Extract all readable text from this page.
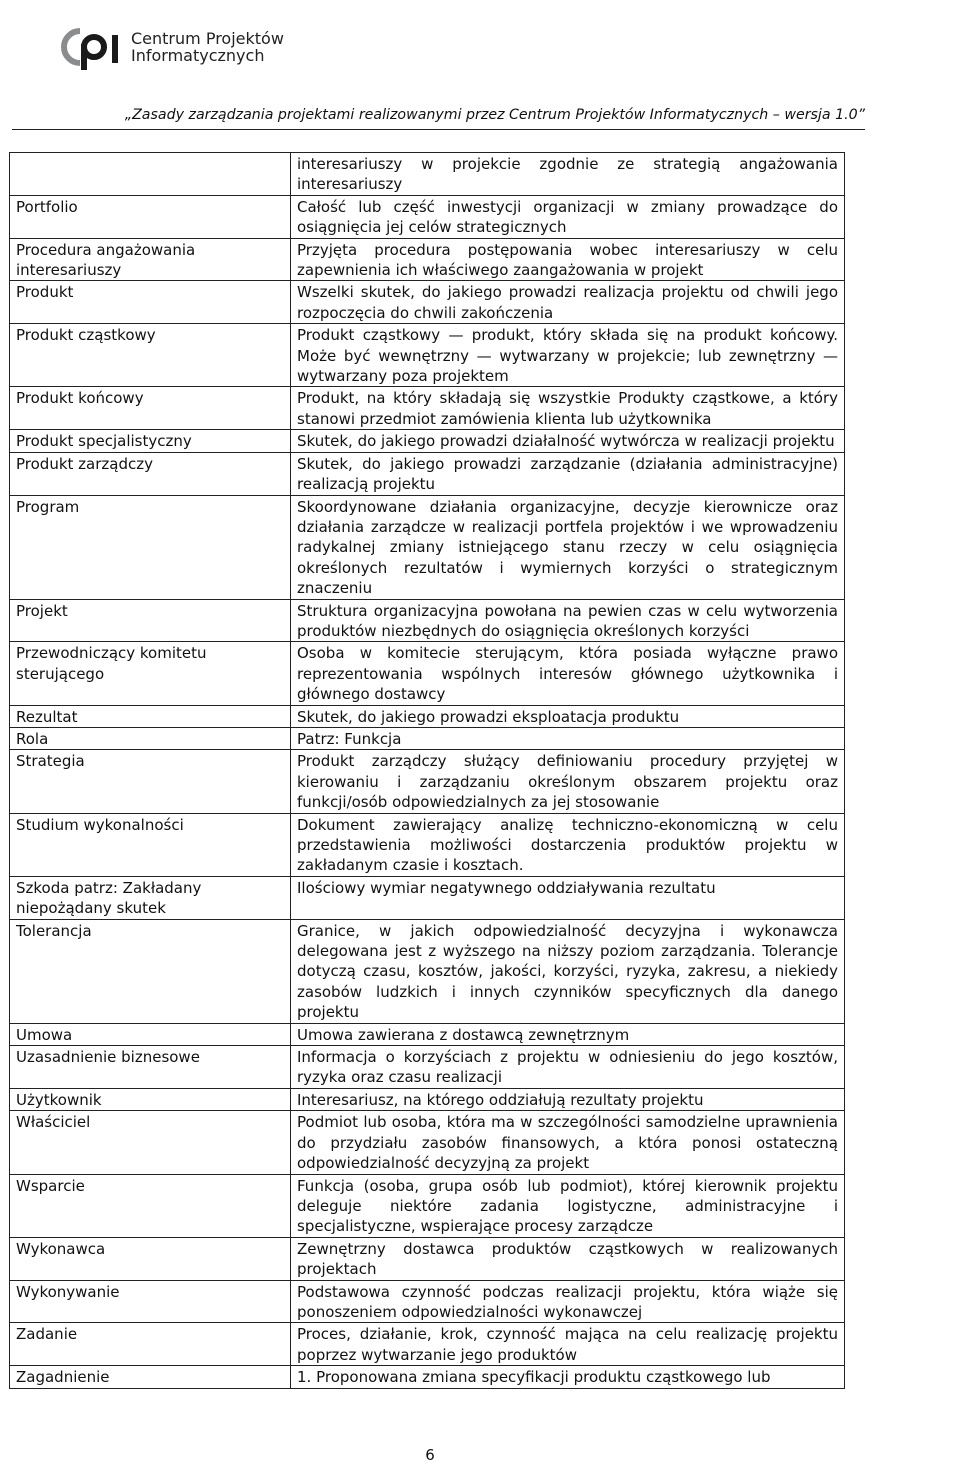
Centrum Projektów
Informatycznych
„Zasady zarządzania projektami realizowanymi przez Centrum Projektów Informatycznych – wersja 1.0”
	interesariuszy w projekcie zgodnie ze strategią angażowania interesariuszy
Portfolio	Całość lub część inwestycji organizacji w zmiany prowadzące do osiągnięcia jej celów strategicznych
Procedura angażowania interesariuszy	Przyjęta procedura postępowania wobec interesariuszy w celu zapewnienia ich właściwego zaangażowania w projekt
Produkt	Wszelki skutek, do jakiego prowadzi realizacja projektu od chwili jego rozpoczęcia do chwili zakończenia
Produkt cząstkowy	Produkt cząstkowy — produkt, który składa się na produkt końcowy. Może być wewnętrzny — wytwarzany w projekcie; lub zewnętrzny — wytwarzany poza projektem
Produkt końcowy	Produkt, na który składają się wszystkie Produkty cząstkowe, a który stanowi przedmiot zamówienia klienta lub użytkownika
Produkt specjalistyczny	Skutek, do jakiego prowadzi działalność wytwórcza w realizacji projektu
Produkt zarządczy	Skutek, do jakiego prowadzi zarządzanie (działania administracyjne) realizacją projektu
Program	Skoordynowane działania organizacyjne, decyzje kierownicze oraz działania zarządcze w realizacji portfela projektów i we wprowadzeniu radykalnej zmiany istniejącego stanu rzeczy w celu osiągnięcia określonych rezultatów i wymiernych korzyści o strategicznym znaczeniu
Projekt	Struktura organizacyjna powołana na pewien czas w celu wytworzenia produktów niezbędnych do osiągnięcia określonych korzyści
Przewodniczący komitetu sterującego	Osoba w komitecie sterującym, która posiada wyłączne prawo reprezentowania wspólnych interesów głównego użytkownika i głównego dostawcy
Rezultat	Skutek, do jakiego prowadzi eksploatacja produktu
Rola	Patrz: Funkcja
Strategia	Produkt zarządczy służący definiowaniu procedury przyjętej w kierowaniu i zarządzaniu określonym obszarem projektu oraz funkcji/osób odpowiedzialnych za jej stosowanie
Studium wykonalności	Dokument zawierający analizę techniczno-ekonomiczną w celu przedstawienia możliwości dostarczenia produktów projektu w zakładanym czasie i kosztach.
Szkoda patrz: Zakładany niepożądany skutek	Ilościowy wymiar negatywnego oddziaływania rezultatu
Tolerancja	Granice, w jakich odpowiedzialność decyzyjna i wykonawcza delegowana jest z wyższego na niższy poziom zarządzania. Tolerancje dotyczą czasu, kosztów, jakości, korzyści, ryzyka, zakresu, a niekiedy zasobów ludzkich i innych czynników specyficznych dla danego projektu
Umowa	Umowa zawierana z dostawcą zewnętrznym
Uzasadnienie biznesowe	Informacja o korzyściach z projektu w odniesieniu do jego kosztów, ryzyka oraz czasu realizacji
Użytkownik	Interesariusz, na którego oddziałują rezultaty projektu
Właściciel	Podmiot lub osoba, która ma w szczególności samodzielne uprawnienia do przydziału zasobów finansowych, a która ponosi ostateczną odpowiedzialność decyzyjną za projekt
Wsparcie	Funkcja (osoba, grupa osób lub podmiot), której kierownik projektu deleguje niektóre zadania logistyczne, administracyjne i specjalistyczne, wspierające procesy zarządcze
Wykonawca	Zewnętrzny dostawca produktów cząstkowych w realizowanych projektach
Wykonywanie	Podstawowa czynność podczas realizacji projektu, która wiąże się ponoszeniem odpowiedzialności wykonawczej
Zadanie	Proces, działanie, krok, czynność mająca na celu realizację projektu poprzez wytwarzanie jego produktów
Zagadnienie	1. Proponowana zmiana specyfikacji produktu cząstkowego lub
6
